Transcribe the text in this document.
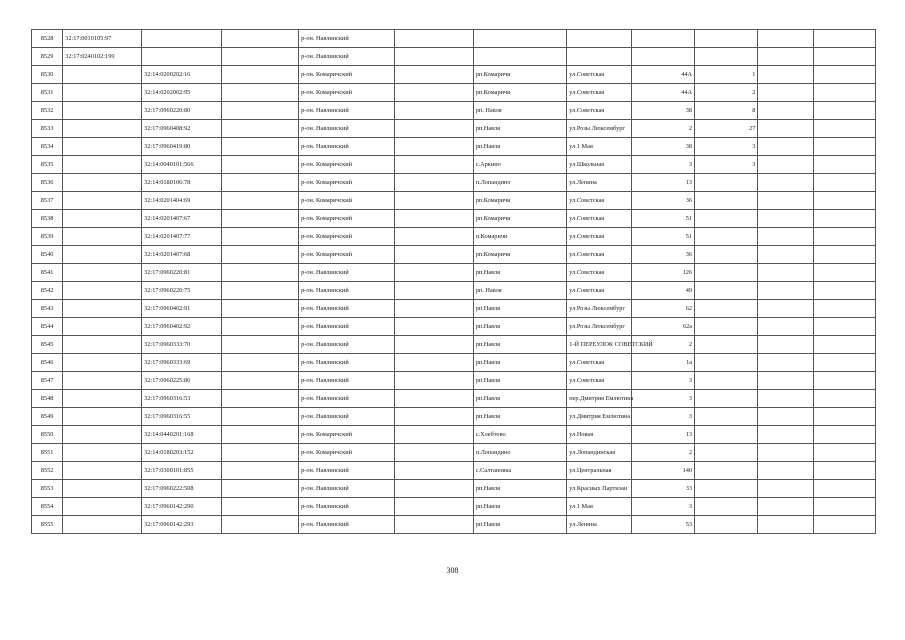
8528	32:17:0010105:97			р-он. Навлинский							
8529	32:17:0240102:199			р-он. Навлинский							
8530		32:14:0200202:16		р-он. Комаричский		рп.Комаричи	ул.Советская	44А	1		
8531		32:14:0202002:95		р-он. Комаричский		рп.Комаричи	ул.Советская	44А	2		
8532		32:17:0960220:80		р-он. Навлинский		рп. Навля	ул.Советская	38	8		
8533		32:17:0960408:92		р-он. Навлинский		рп.Навля	ул.Розы Люксембург	2	27		
8534		32:17:0960419:80		р-он. Навлинский		рп.Навля	ул.1 Мая	38	3		
8535		32:14:0040101:566		р-он. Комаричский		с.Аркино	ул.Школьная	3	3		
8536		32:14:0180106:78		р-он. Комаричский		п.Лопандино	ул.Ленина	13			
8537		32:14:0201404:69		р-он. Комаричский		рп.Комаричи	ул.Советская	36			
8538		32:14:0201407:67		р-он. Комаричский		рп.Комаричи	ул.Советская	51			
8539		32:14:0201407:77		р-он. Комаричский		п.Комаричи	ул.Советская	51			
8540		32:14:0201407:68		р-он. Комаричский		рп.Комаричи	ул.Советская	36			
8541		32:17:0960220:81		р-он. Навлинский		рп.Навля	ул.Советская	126			
8542		32:17:0960220:75		р-он. Навлинский		рп. Навля	ул.Советская	49			
8543		32:17:0960402:91		р-он. Навлинский		рп.Навля	ул.Розы Люксембург	62			
8544		32:17:0960402:92		р-он. Навлинский		рп.Навля	ул.Розы Люксембург	62а			
8545		32:17:0960333:70		р-он. Навлинский		рп.Навля	1-Й ПЕРЕУЛОК СОВЕТСКИЙ	2			
8546		32:17:0960333:69		р-он. Навлинский		рп.Навля	ул.Советская	1а			
8547		32:17:0960225:86		р-он. Навлинский		рп.Навля	ул.Советская	3			
8548		32:17:0960316:53		р-он. Навлинский		рп.Навля	пер.Дмитрия Емлютина	3			
8549		32:17:0960316:55		р-он. Навлинский		рп.Навля	ул.Дмитрия Емлютина	3			
8550		32:14:0440201:168		р-он. Комаричский		с.Хлебтово	ул.Новая	13			
8551		32:14:0180203:152		р-он. Комаричский		п.Лопандино	ул.Лопандинская	2			
8552		32:17:0300101:855		р-он. Навлинский		с.Салтановка	ул.Центральная	140			
8553		32:17:0960222:508		р-он. Навлинский		рп.Навля	ул.Красных Партизан	33			
8554		32:17:0960142:290		р-он. Навлинский		рп.Навля	ул.1 Мая	3			
8555		32:17:0960142:293		р-он. Навлинский		рп.Навля	ул.Ленина	53			
308
